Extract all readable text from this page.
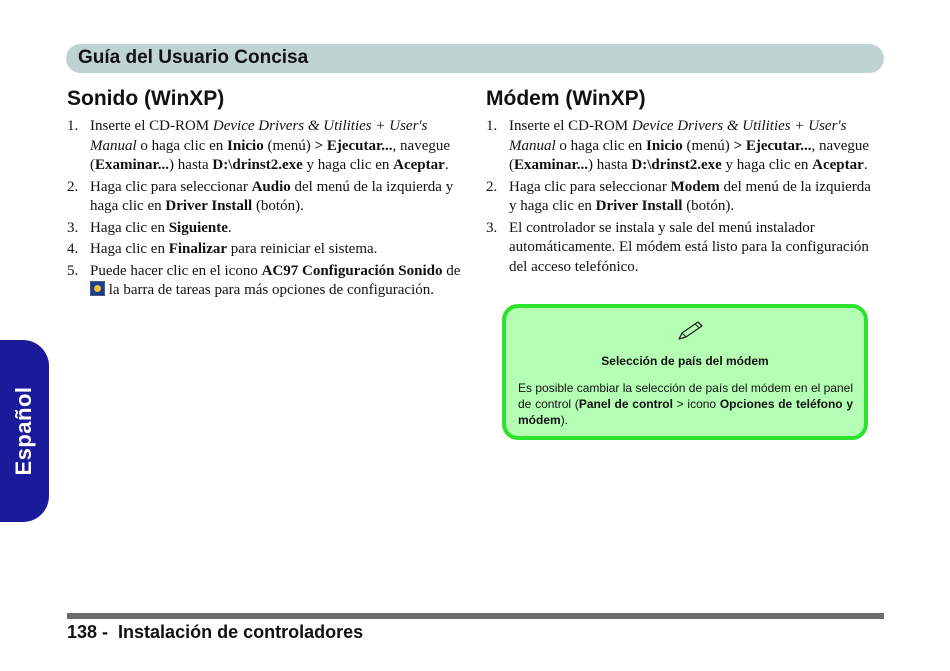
Guía del Usuario Concisa
Español
Sonido (WinXP)
1. Inserte el CD-ROM Device Drivers & Utilities + User's Manual o haga clic en Inicio (menú) > Ejecutar..., navegue (Examinar...) hasta D:\drinst2.exe y haga clic en Aceptar.
2. Haga clic para seleccionar Audio del menú de la izquierda y haga clic en Driver Install (botón).
3. Haga clic en Siguiente.
4. Haga clic en Finalizar para reiniciar el sistema.
5. Puede hacer clic en el icono AC97 Configuración Sonido de  la barra de tareas para más opciones de configuración.
Módem (WinXP)
1. Inserte el CD-ROM Device Drivers & Utilities + User's Manual o haga clic en Inicio (menú) > Ejecutar..., navegue (Examinar...) hasta D:\drinst2.exe y haga clic en Aceptar.
2. Haga clic para seleccionar Modem del menú de la izquierda y haga clic en Driver Install (botón).
3. El controlador se instala y sale del menú instalador automáticamente. El módem está listo para la configuración del acceso telefónico.
Selección de país del módem
Es posible cambiar la selección de país del módem en el panel de control (Panel de control > icono Opciones de teléfono y módem).
138 - Instalación de controladores
